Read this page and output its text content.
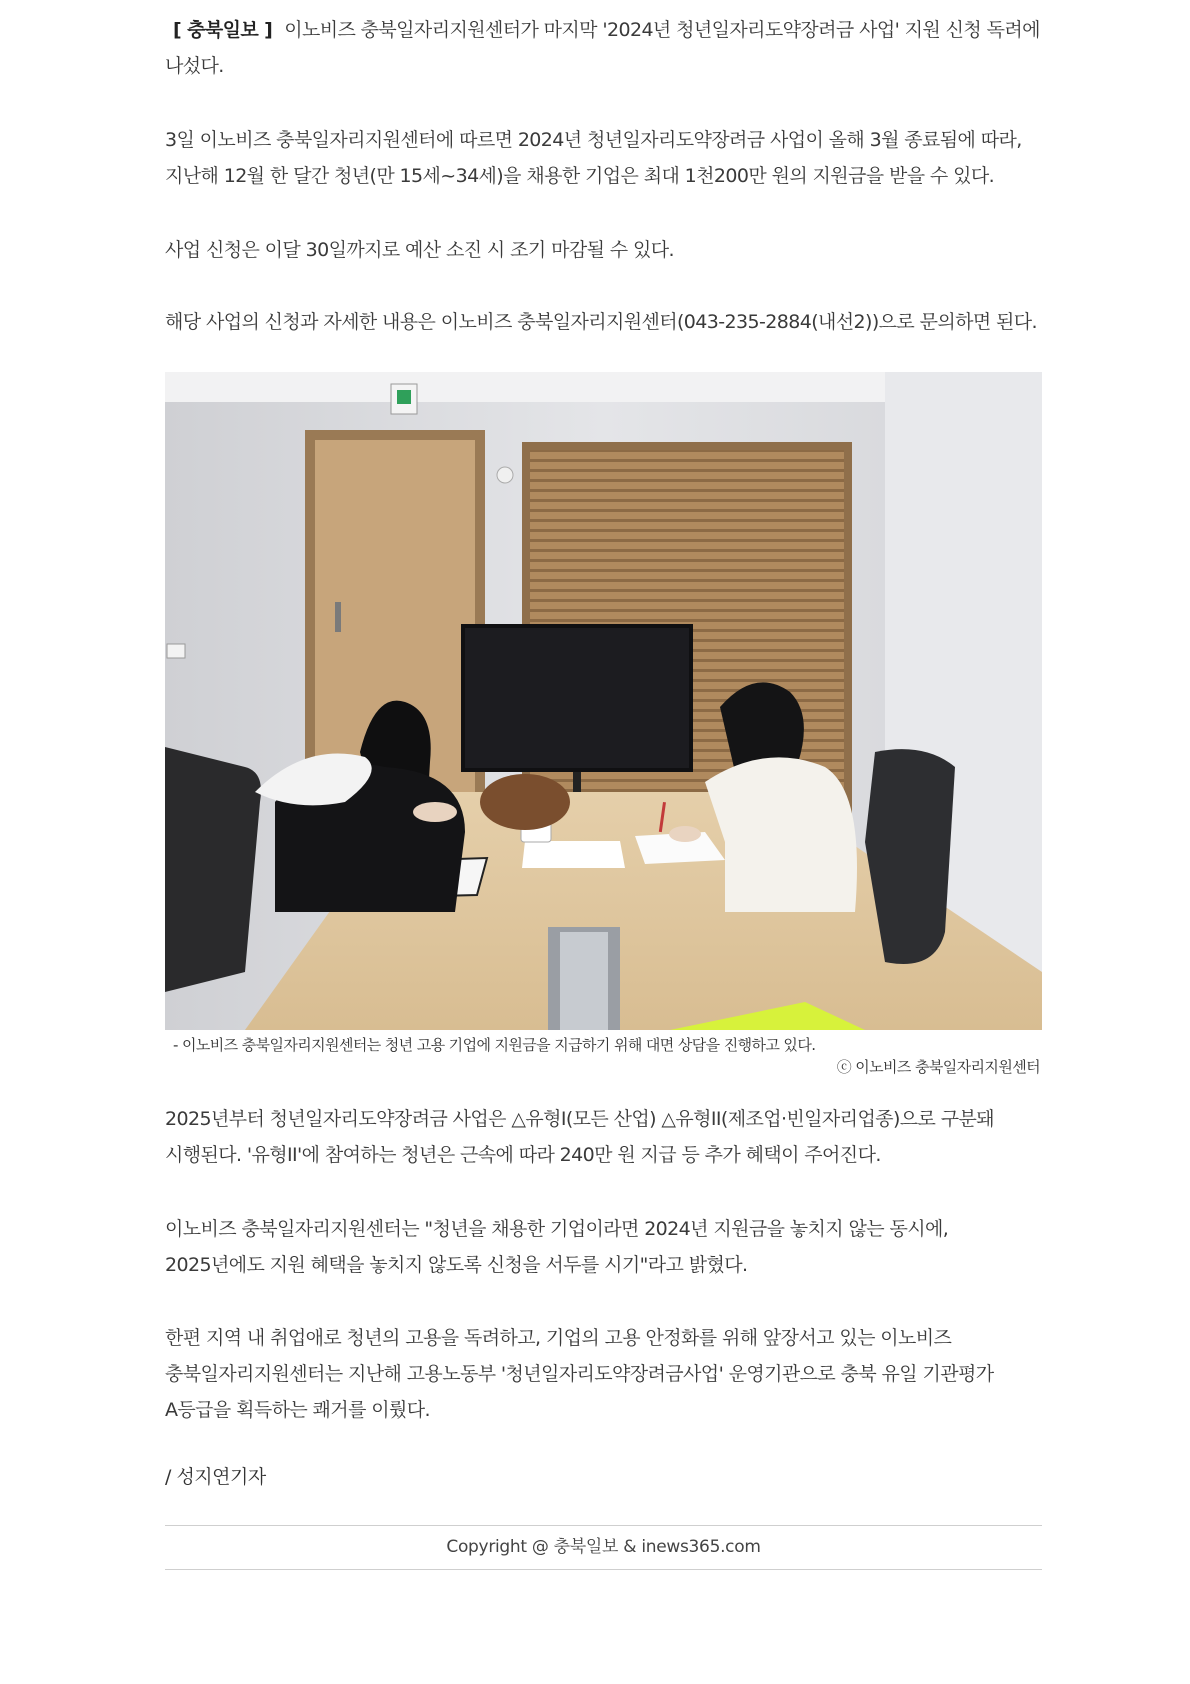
[ 충북일보 ] 이노비즈 충북일자리지원센터가 마지막 '2024년 청년일자리도약장려금 사업' 지원 신청 독려에 나섰다.

3일 이노비즈 충북일자리지원센터에 따르면 2024년 청년일자리도약장려금 사업이 올해 3월 종료됨에 따라, 지난해 12월 한 달간 청년(만 15세~34세)을 채용한 기업은 최대 1천200만 원의 지원금을 받을 수 있다.

사업 신청은 이달 30일까지로 예산 소진 시 조기 마감될 수 있다.

해당 사업의 신청과 자세한 내용은 이노비즈 충북일자리지원센터(043-235-2884(내선2))으로 문의하면 된다.

- 이노비즈 충북일자리지원센터는 청년 고용 기업에 지원금을 지급하기 위해 대면 상담을 진행하고 있다.
ⓒ 이노비즈 충북일자리지원센터

2025년부터 청년일자리도약장려금 사업은 △유형I(모든 산업) △유형II(제조업·빈일자리업종)으로 구분돼 시행된다. '유형II'에 참여하는 청년은 근속에 따라 240만 원 지급 등 추가 혜택이 주어진다.

이노비즈 충북일자리지원센터는 "청년을 채용한 기업이라면 2024년 지원금을 놓치지 않는 동시에, 2025년에도 지원 혜택을 놓치지 않도록 신청을 서두를 시기"라고 밝혔다.

한편 지역 내 취업애로 청년의 고용을 독려하고, 기업의 고용 안정화를 위해 앞장서고 있는 이노비즈 충북일자리지원센터는 지난해 고용노동부 '청년일자리도약장려금사업' 운영기관으로 충북 유일 기관평가 A등급을 획득하는 쾌거를 이뤘다.

/ 성지연기자
Copyright @ 충북일보 & inews365.com
